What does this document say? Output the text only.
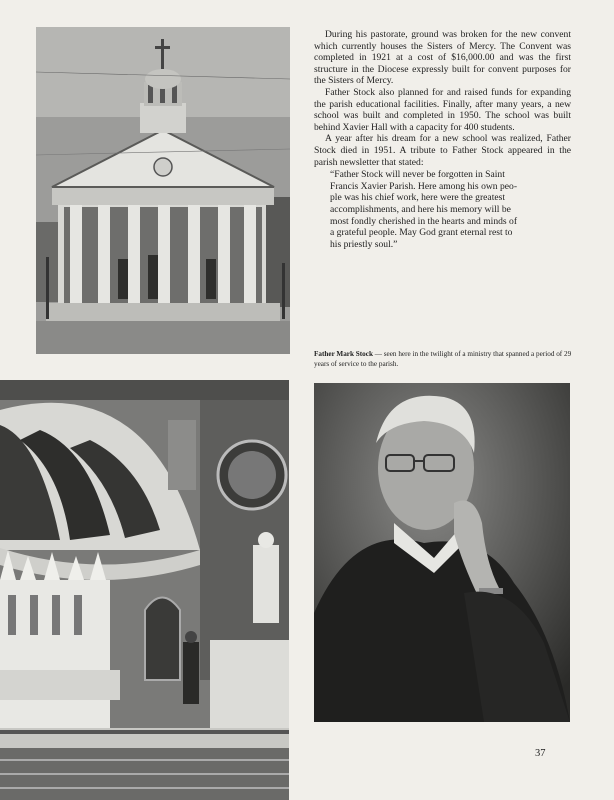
During his pastorate, ground was broken for the new convent which currently houses the Sisters of Mercy. The Convent was completed in 1921 at a cost of $16,000.00 and was the first structure in the Diocese expressly built for convent purposes for the Sisters of Mercy.

Father Stock also planned for and raised funds for expanding the parish educational facilities. Finally, after many years, a new school was built and completed in 1950. The school was built behind Xavier Hall with a capacity for 400 students.

A year after his dream for a new school was realized, Father Stock died in 1951. A tribute to Father Stock appeared in the parish newsletter that stated:

“Father Stock will never be forgotten in Saint
Francis Xavier Parish. Here among his own peo-
ple was his chief work, here were the greatest
accomplishments, and here his memory will be
most fondly cherished in the hearts and minds of
a grateful people. May God grant eternal rest to
his priestly soul.”
Father Mark Stock — seen here in the twilight of a ministry that spanned a period of 29 years of service to the parish.
37
